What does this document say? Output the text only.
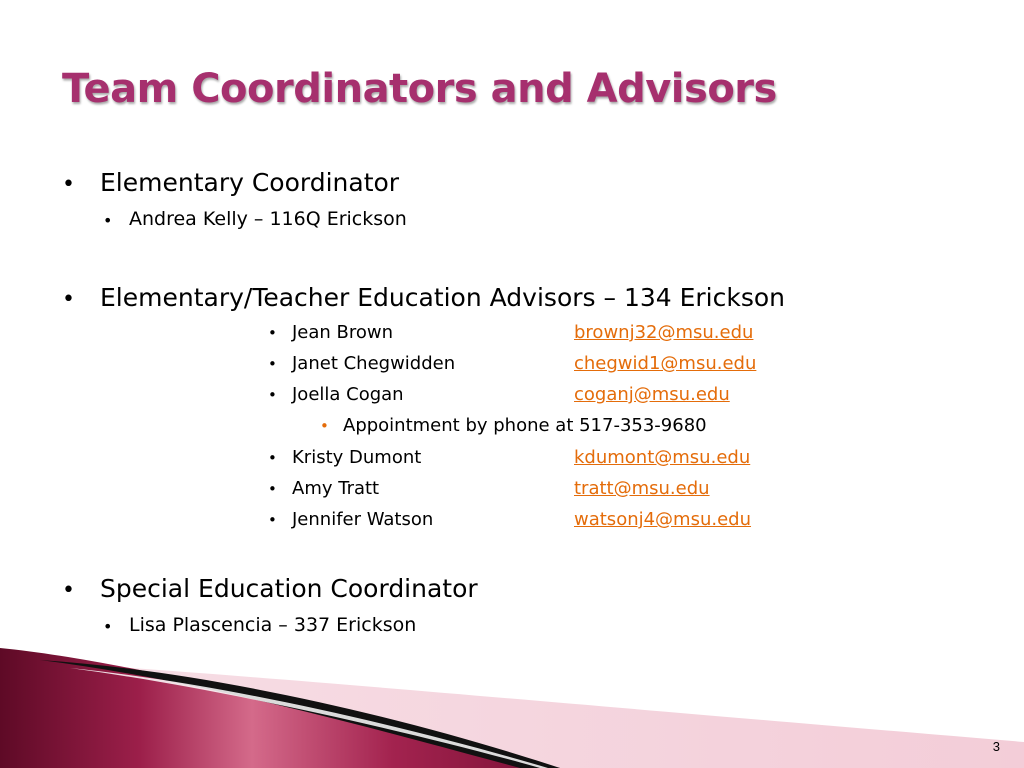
Team Coordinators and Advisors
• Elementary Coordinator
• Andrea Kelly – 116Q Erickson
• Elementary/Teacher Education Advisors – 134 Erickson
• Jean Brown	brownj32@msu.edu
• Janet Chegwidden	chegwid1@msu.edu
• Joella Cogan	coganj@msu.edu
• Appointment by phone at 517-353-9680
• Kristy Dumont	kdumont@msu.edu
• Amy Tratt	tratt@msu.edu
• Jennifer Watson	watsonj4@msu.edu
• Special Education Coordinator
• Lisa Plascencia – 337 Erickson
3
